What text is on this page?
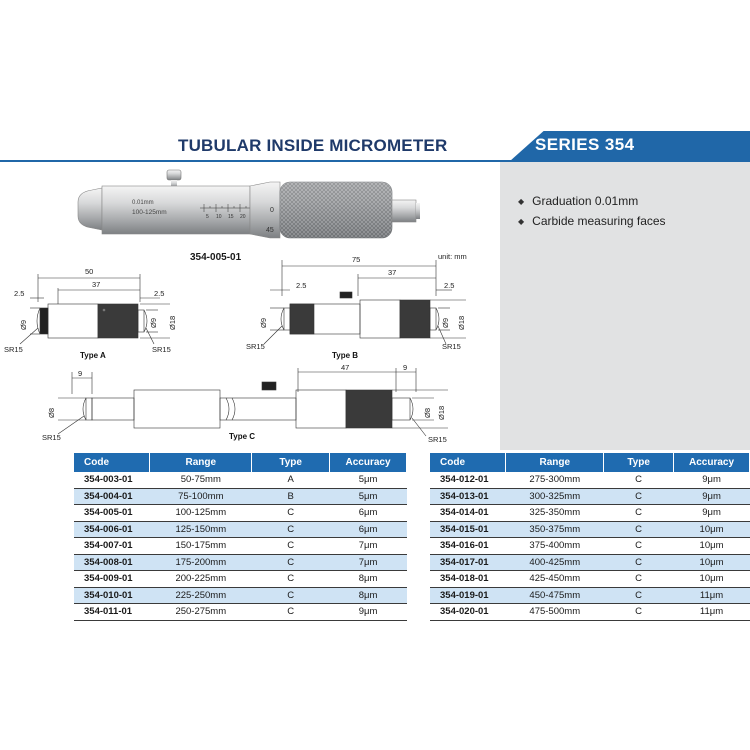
TUBULAR INSIDE MICROMETER	SERIES 354
◆ Graduation 0.01mm
◆ Carbide measuring faces
0.01mm
100-125mm
5 10 15 20
0
45
354-005-01
50
37
2.5	2.5
Ø9	Ø9 Ø18
SR15	SR15
Type A
75
37
2.5	2.5
Ø9	Ø9 Ø18
SR15	SR15
Type B
unit: mm
9
47	9
Ø8	Ø8 Ø18
SR15	SR15
Type C
Code	Range	Type	Accuracy
354-003-01	50-75mm	A	5μm
354-004-01	75-100mm	B	5μm
354-005-01	100-125mm	C	6μm
354-006-01	125-150mm	C	6μm
354-007-01	150-175mm	C	7μm
354-008-01	175-200mm	C	7μm
354-009-01	200-225mm	C	8μm
354-010-01	225-250mm	C	8μm
354-011-01	250-275mm	C	9μm
Code	Range	Type	Accuracy
354-012-01	275-300mm	C	9μm
354-013-01	300-325mm	C	9μm
354-014-01	325-350mm	C	9μm
354-015-01	350-375mm	C	10μm
354-016-01	375-400mm	C	10μm
354-017-01	400-425mm	C	10μm
354-018-01	425-450mm	C	10μm
354-019-01	450-475mm	C	11μm
354-020-01	475-500mm	C	11μm
